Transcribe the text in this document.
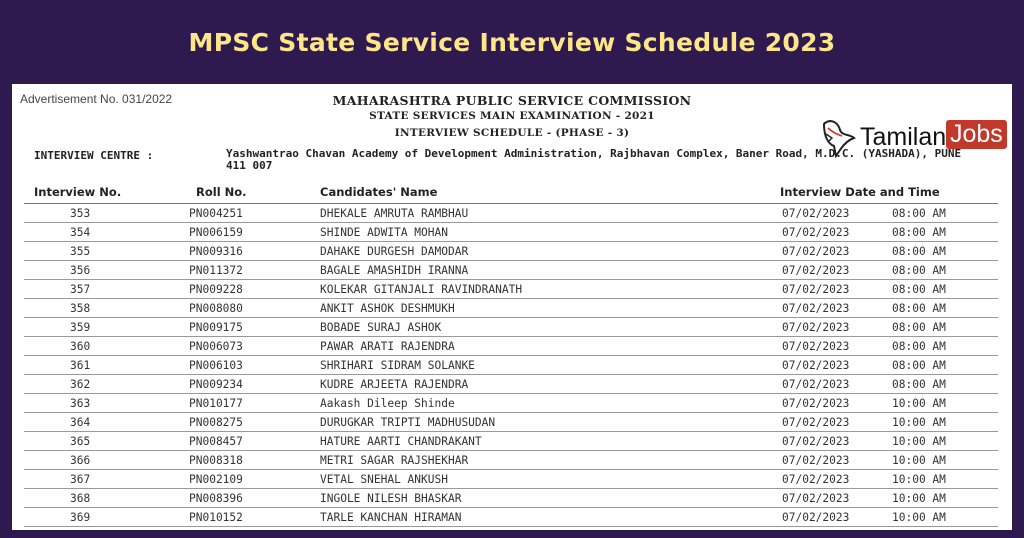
MPSC State Service Interview Schedule 2023
Advertisement No. 031/2022	MAHARASHTRA PUBLIC SERVICE COMMISSION
STATE SERVICES MAIN EXAMINATION - 2021
INTERVIEW SCHEDULE - (PHASE - 3)	Tamilan Jobs
INTERVIEW CENTRE :	Yashwantrao Chavan Academy of Development Administration, Rajbhavan Complex, Baner Road, M.D.C. (YASHADA), PUNE 411 007
Interview No.	Roll No.	Candidates' Name	Interview Date and Time
353	PN004251	DHEKALE AMRUTA RAMBHAU	07/02/2023	08:00 AM
354	PN006159	SHINDE ADWITA MOHAN	07/02/2023	08:00 AM
355	PN009316	DAHAKE DURGESH DAMODAR	07/02/2023	08:00 AM
356	PN011372	BAGALE AMASHIDH IRANNA	07/02/2023	08:00 AM
357	PN009228	KOLEKAR GITANJALI RAVINDRANATH	07/02/2023	08:00 AM
358	PN008080	ANKIT ASHOK DESHMUKH	07/02/2023	08:00 AM
359	PN009175	BOBADE SURAJ ASHOK	07/02/2023	08:00 AM
360	PN006073	PAWAR ARATI RAJENDRA	07/02/2023	08:00 AM
361	PN006103	SHRIHARI SIDRAM SOLANKE	07/02/2023	08:00 AM
362	PN009234	KUDRE ARJEETA RAJENDRA	07/02/2023	08:00 AM
363	PN010177	Aakash Dileep Shinde	07/02/2023	10:00 AM
364	PN008275	DURUGKAR TRIPTI MADHUSUDAN	07/02/2023	10:00 AM
365	PN008457	HATURE AARTI CHANDRAKANT	07/02/2023	10:00 AM
366	PN008318	METRI SAGAR RAJSHEKHAR	07/02/2023	10:00 AM
367	PN002109	VETAL SNEHAL ANKUSH	07/02/2023	10:00 AM
368	PN008396	INGOLE NILESH BHASKAR	07/02/2023	10:00 AM
369	PN010152	TARLE KANCHAN HIRAMAN	07/02/2023	10:00 AM
